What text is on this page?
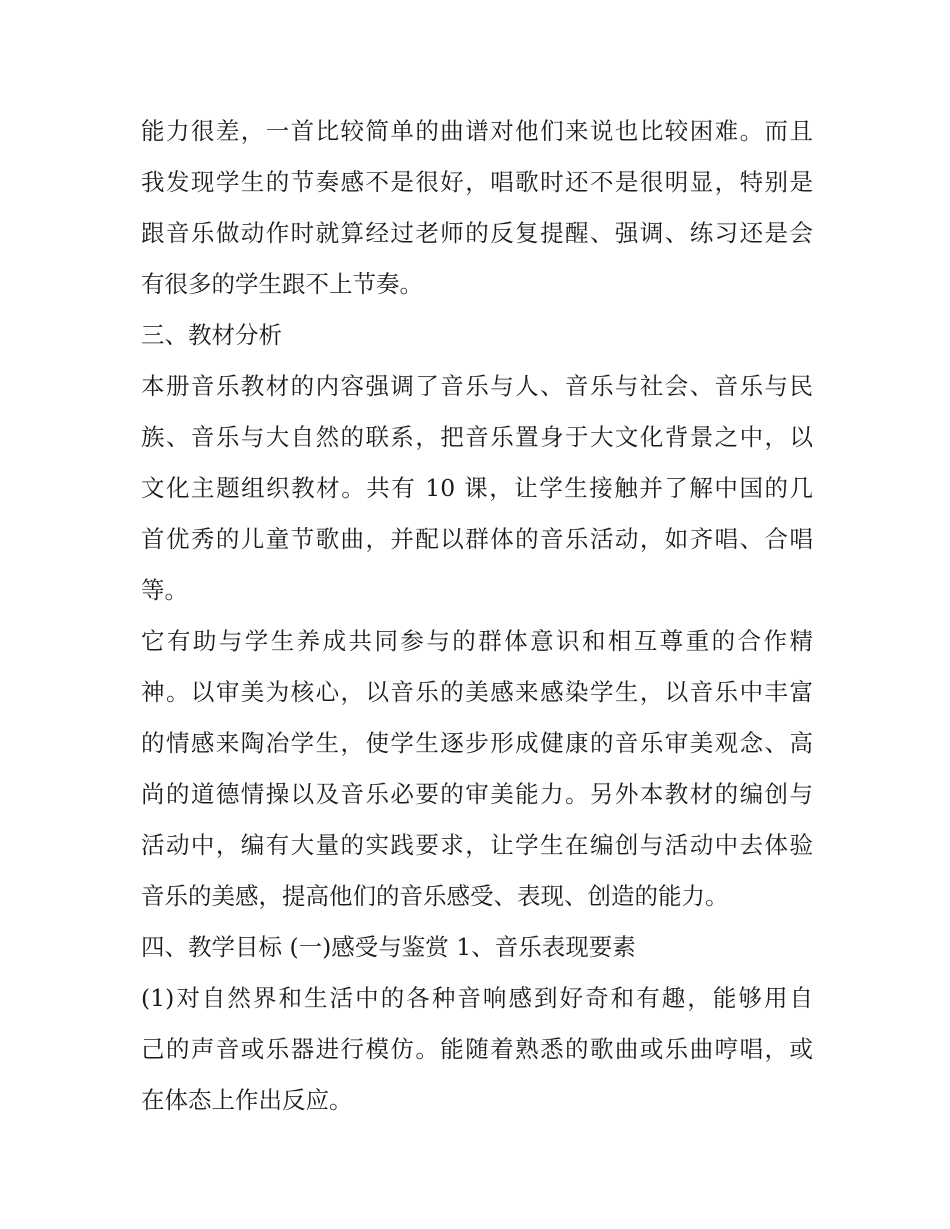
能力很差，一首比较简单的曲谱对他们来说也比较困难。而且
我发现学生的节奏感不是很好，唱歌时还不是很明显，特别是
跟音乐做动作时就算经过老师的反复提醒、强调、练习还是会
有很多的学生跟不上节奏。
三、教材分析
本册音乐教材的内容强调了音乐与人、音乐与社会、音乐与民
族、音乐与大自然的联系，把音乐置身于大文化背景之中，以
文化主题组织教材。共有 10 课，让学生接触并了解中国的几
首优秀的儿童节歌曲，并配以群体的音乐活动，如齐唱、合唱
等。
它有助与学生养成共同参与的群体意识和相互尊重的合作精
神。以审美为核心，以音乐的美感来感染学生，以音乐中丰富
的情感来陶冶学生，使学生逐步形成健康的音乐审美观念、高
尚的道德情操以及音乐必要的审美能力。另外本教材的编创与
活动中，编有大量的实践要求，让学生在编创与活动中去体验
音乐的美感，提高他们的音乐感受、表现、创造的能力。
四、教学目标 (一)感受与鉴赏 1、音乐表现要素
(1)对自然界和生活中的各种音响感到好奇和有趣，能够用自
己的声音或乐器进行模仿。能随着熟悉的歌曲或乐曲哼唱，或
在体态上作出反应。
